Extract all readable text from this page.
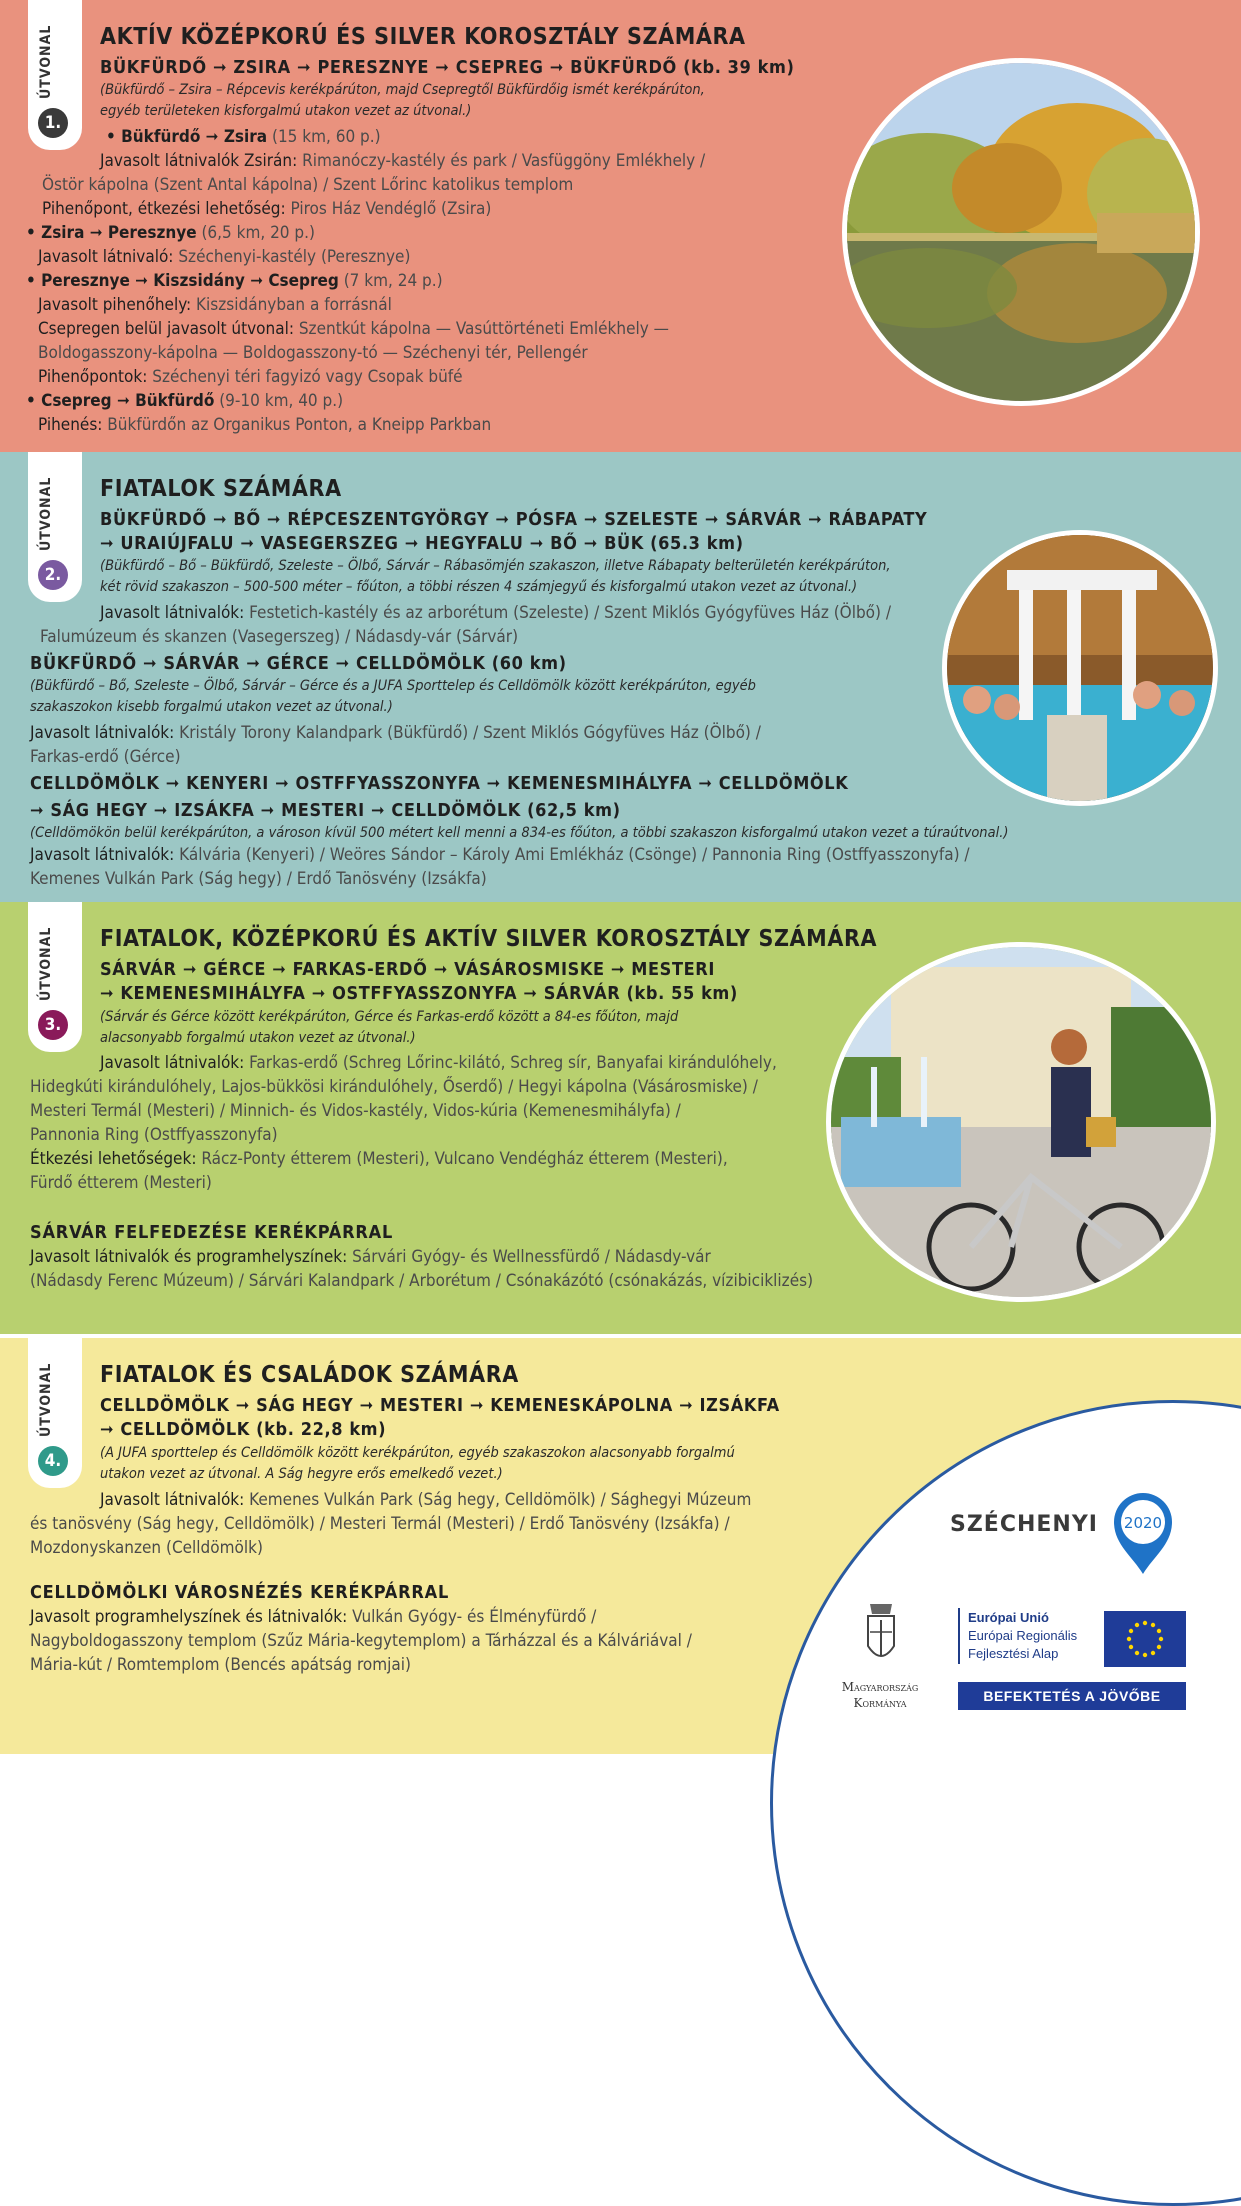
ÚTVONAL
1.
AKTÍV KÖZÉPKORÚ ÉS SILVER KOROSZTÁLY SZÁMÁRA
BÜKFÜRDŐ ➞ ZSIRA ➞ PERESZNYE ➞ CSEPREG ➞ BÜKFÜRDŐ (kb. 39 km)
(Bükfürdő – Zsira – Répcevis kerékpárúton, majd Csepregtől Bükfürdőig ismét kerékpárúton,
egyéb területeken kisforgalmú utakon vezet az útvonal.)
• Bükfürdő ➞ Zsira (15 km, 60 p.)
Javasolt látnivalók Zsirán: Rimanóczy-kastély és park / Vasfüggöny Emlékhely /
Östör kápolna (Szent Antal kápolna) / Szent Lőrinc katolikus templom
Pihenőpont, étkezési lehetőség: Piros Ház Vendéglő (Zsira)
• Zsira ➞ Peresznye (6,5 km, 20 p.)
Javasolt látnivaló: Széchenyi-kastély (Peresznye)
• Peresznye ➞ Kiszsidány ➞ Csepreg (7 km, 24 p.)
Javasolt pihenőhely: Kiszsidányban a forrásnál
Csepregen belül javasolt útvonal: Szentkút kápolna — Vasúttörténeti Emlékhely —
Boldogasszony-kápolna — Boldogasszony-tó — Széchenyi tér, Pellengér
Pihenőpontok: Széchenyi téri fagyizó vagy Csopak büfé
• Csepreg ➞ Bükfürdő (9-10 km, 40 p.)
Pihenés: Bükfürdőn az Organikus Ponton, a Kneipp Parkban
ÚTVONAL
2.
FIATALOK SZÁMÁRA
BÜKFÜRDŐ ➞ BŐ ➞ RÉPCESZENTGYÖRGY ➞ PÓSFA ➞ SZELESTE ➞ SÁRVÁR ➞ RÁBAPATY
➞ URAIÚJFALU ➞ VASEGERSZEG ➞ HEGYFALU ➞ BŐ ➞ BÜK (65.3 km)
(Bükfürdő – Bő – Bükfürdő, Szeleste – Ölbő, Sárvár – Rábasömjén szakaszon, illetve Rábapaty belterületén kerékpárúton,
két rövid szakaszon – 500-500 méter – főúton, a többi részen 4 számjegyű és kisforgalmú utakon vezet az útvonal.)
Javasolt látnivalók: Festetich-kastély és az arborétum (Szeleste) / Szent Miklós Gyógyfüves Ház (Ölbő) /
Falumúzeum és skanzen (Vasegerszeg) / Nádasdy-vár (Sárvár)
BÜKFÜRDŐ ➞ SÁRVÁR ➞ GÉRCE ➞ CELLDÖMÖLK (60 km)
(Bükfürdő – Bő, Szeleste – Ölbő, Sárvár – Gérce és a JUFA Sporttelep és Celldömölk között kerékpárúton, egyéb
szakaszokon kisebb forgalmú utakon vezet az útvonal.)
Javasolt látnivalók: Kristály Torony Kalandpark (Bükfürdő) / Szent Miklós Gógyfüves Ház (Ölbő) /
Farkas-erdő (Gérce)
CELLDÖMÖLK ➞ KENYERI ➞ OSTFFYASSZONYFA ➞ KEMENESMIHÁLYFA ➞ CELLDÖMÖLK
➞ SÁG HEGY ➞ IZSÁKFA ➞ MESTERI ➞ CELLDÖMÖLK (62,5 km)
(Celldömökön belül kerékpárúton, a városon kívül 500 métert kell menni a 834-es főúton, a többi szakaszon kisforgalmú utakon vezet a túraútvonal.)
Javasolt látnivalók: Kálvária (Kenyeri) / Weöres Sándor – Károly Ami Emlékház (Csönge) / Pannonia Ring (Ostffyasszonyfa) /
Kemenes Vulkán Park (Ság hegy) / Erdő Tanösvény (Izsákfa)
ÚTVONAL
3.
FIATALOK, KÖZÉPKORÚ ÉS AKTÍV SILVER KOROSZTÁLY SZÁMÁRA
SÁRVÁR ➞ GÉRCE ➞ FARKAS-ERDŐ ➞ VÁSÁROSMISKE ➞ MESTERI
➞ KEMENESMIHÁLYFA ➞ OSTFFYASSZONYFA ➞ SÁRVÁR (kb. 55 km)
(Sárvár és Gérce között kerékpárúton, Gérce és Farkas-erdő között a 84-es főúton, majd
alacsonyabb forgalmú utakon vezet az útvonal.)
Javasolt látnivalók: Farkas-erdő (Schreg Lőrinc-kilátó, Schreg sír, Banyafai kirándulóhely,
Hidegkúti kirándulóhely, Lajos-bükkösi kirándulóhely, Őserdő) / Hegyi kápolna (Vásárosmiske) /
Mesteri Termál (Mesteri) / Minnich- és Vidos-kastély, Vidos-kúria (Kemenesmihályfa) /
Pannonia Ring (Ostffyasszonyfa)
Étkezési lehetőségek: Rácz-Ponty étterem (Mesteri), Vulcano Vendégház étterem (Mesteri),
Fürdő étterem (Mesteri)
SÁRVÁR FELFEDEZÉSE KERÉKPÁRRAL
Javasolt látnivalók és programhelyszínek: Sárvári Gyógy- és Wellnessfürdő / Nádasdy-vár
(Nádasdy Ferenc Múzeum) / Sárvári Kalandpark / Arborétum / Csónakázótó (csónakázás, vízibiciklizés)
ÚTVONAL
4.
FIATALOK ÉS CSALÁDOK SZÁMÁRA
CELLDÖMÖLK ➞ SÁG HEGY ➞ MESTERI ➞ KEMENESKÁPOLNA ➞ IZSÁKFA
➞ CELLDÖMÖLK (kb. 22,8 km)
(A JUFA sporttelep és Celldömölk között kerékpárúton, egyéb szakaszokon alacsonyabb forgalmú
utakon vezet az útvonal. A Ság hegyre erős emelkedő vezet.)
Javasolt látnivalók: Kemenes Vulkán Park (Ság hegy, Celldömölk) / Sághegyi Múzeum
és tanösvény (Ság hegy, Celldömölk) / Mesteri Termál (Mesteri) / Erdő Tanösvény (Izsákfa) /
Mozdonyskanzen (Celldömölk)
CELLDÖMÖLKI VÁROSNÉZÉS KERÉKPÁRRAL
Javasolt programhelyszínek és látnivalók: Vulkán Gyógy- és Élményfürdő /
Nagyboldogasszony templom (Szűz Mária-kegytemplom) a Tárházzal és a Kálváriával /
Mária-kút / Romtemplom (Bencés apátság romjai)
SZÉCHENYI 2020
Magyarország
Kormánya
Európai Unió
Európai Regionális
Fejlesztési Alap
BEFEKTETÉS A JÖVŐBE
